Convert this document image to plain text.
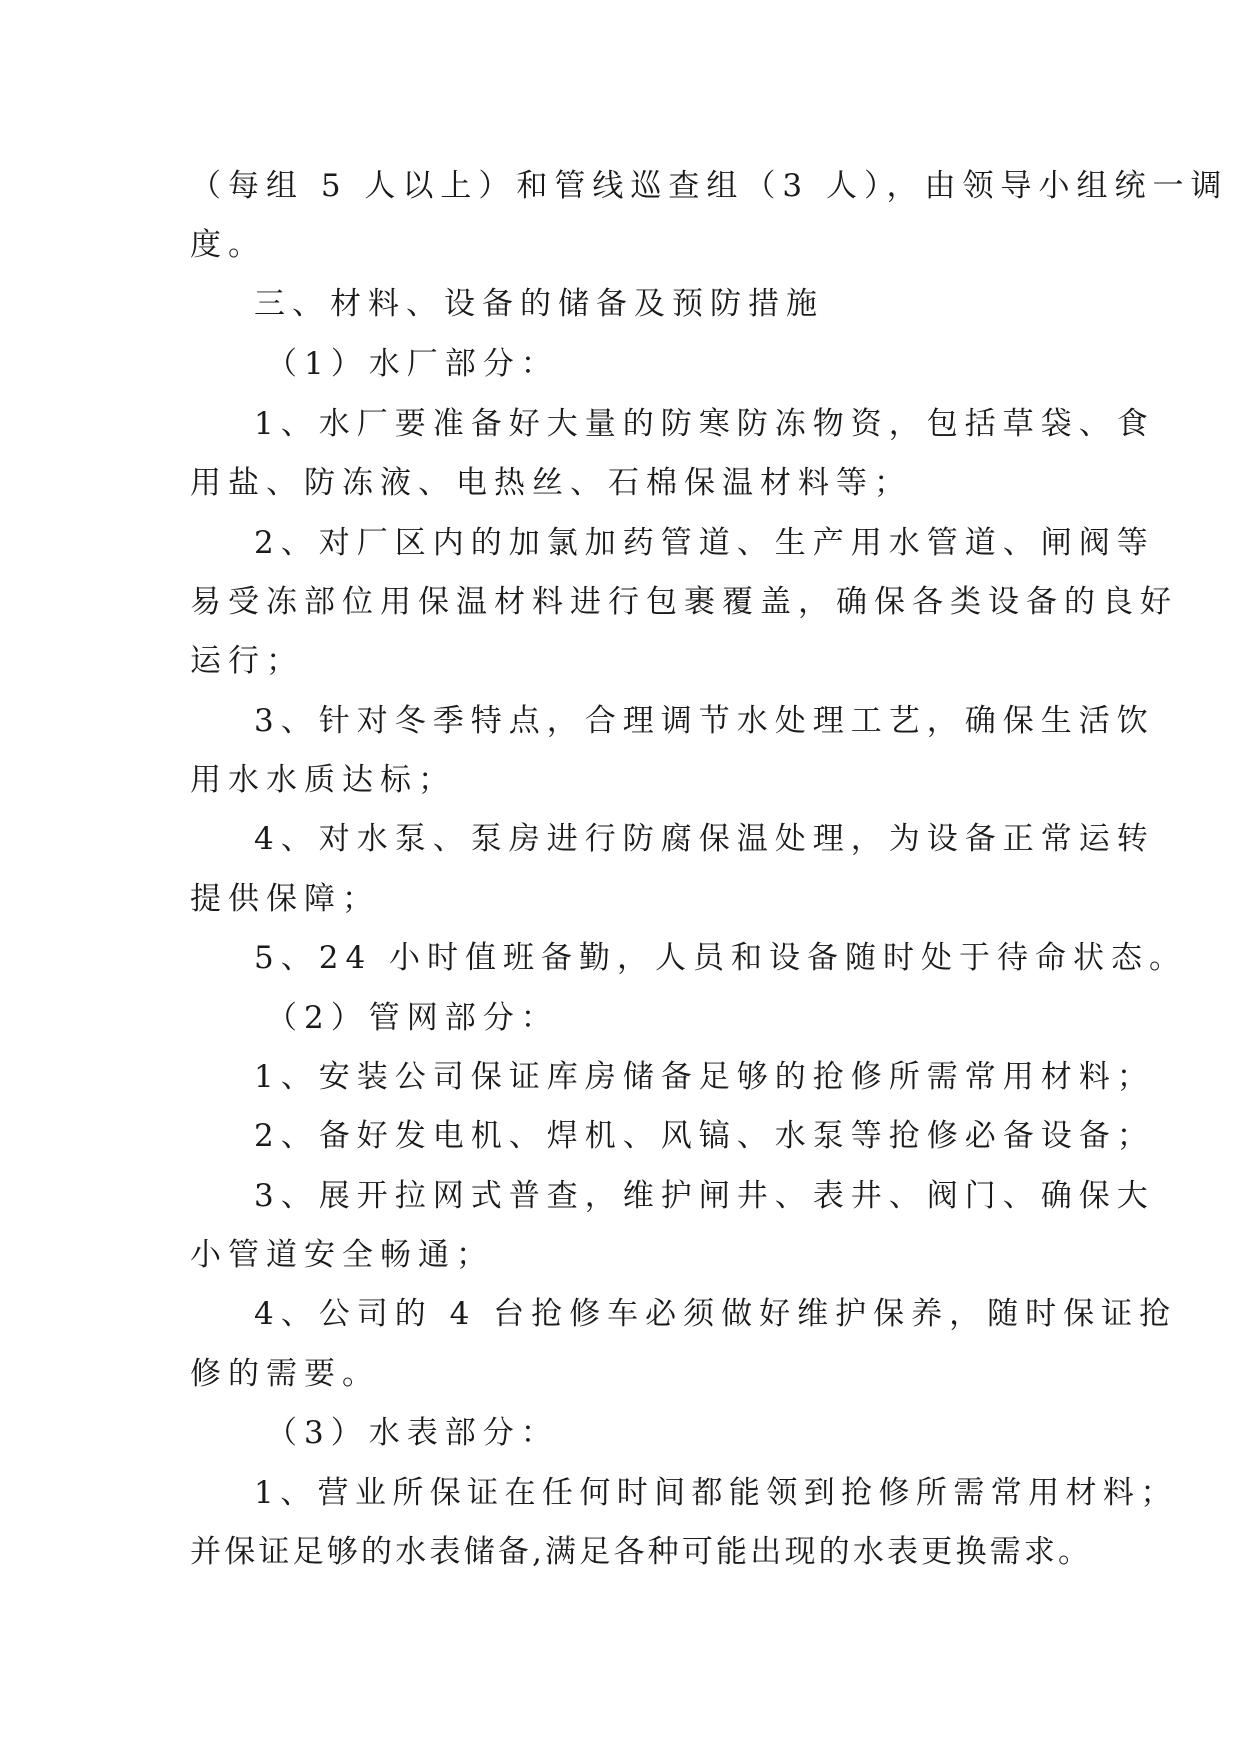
（每组 5 人以上）和管线巡查组（3 人），由领导小组统一调
度。
三、材料、设备的储备及预防措施
（1）水厂部分：
1、水厂要准备好大量的防寒防冻物资，包括草袋、食
用盐、防冻液、电热丝、石棉保温材料等；
2、对厂区内的加氯加药管道、生产用水管道、闸阀等
易受冻部位用保温材料进行包裹覆盖，确保各类设备的良好
运行；
3、针对冬季特点，合理调节水处理工艺，确保生活饮
用水水质达标；
4、对水泵、泵房进行防腐保温处理，为设备正常运转
提供保障；
5、24 小时值班备勤，人员和设备随时处于待命状态。
（2）管网部分：
1、安装公司保证库房储备足够的抢修所需常用材料；
2、备好发电机、焊机、风镐、水泵等抢修必备设备；
3、展开拉网式普查，维护闸井、表井、阀门、确保大
小管道安全畅通；
4、公司的 4 台抢修车必须做好维护保养，随时保证抢
修的需要。
（3）水表部分：
1、营业所保证在任何时间都能领到抢修所需常用材料；
并保证足够的水表储备,满足各种可能出现的水表更换需求。
